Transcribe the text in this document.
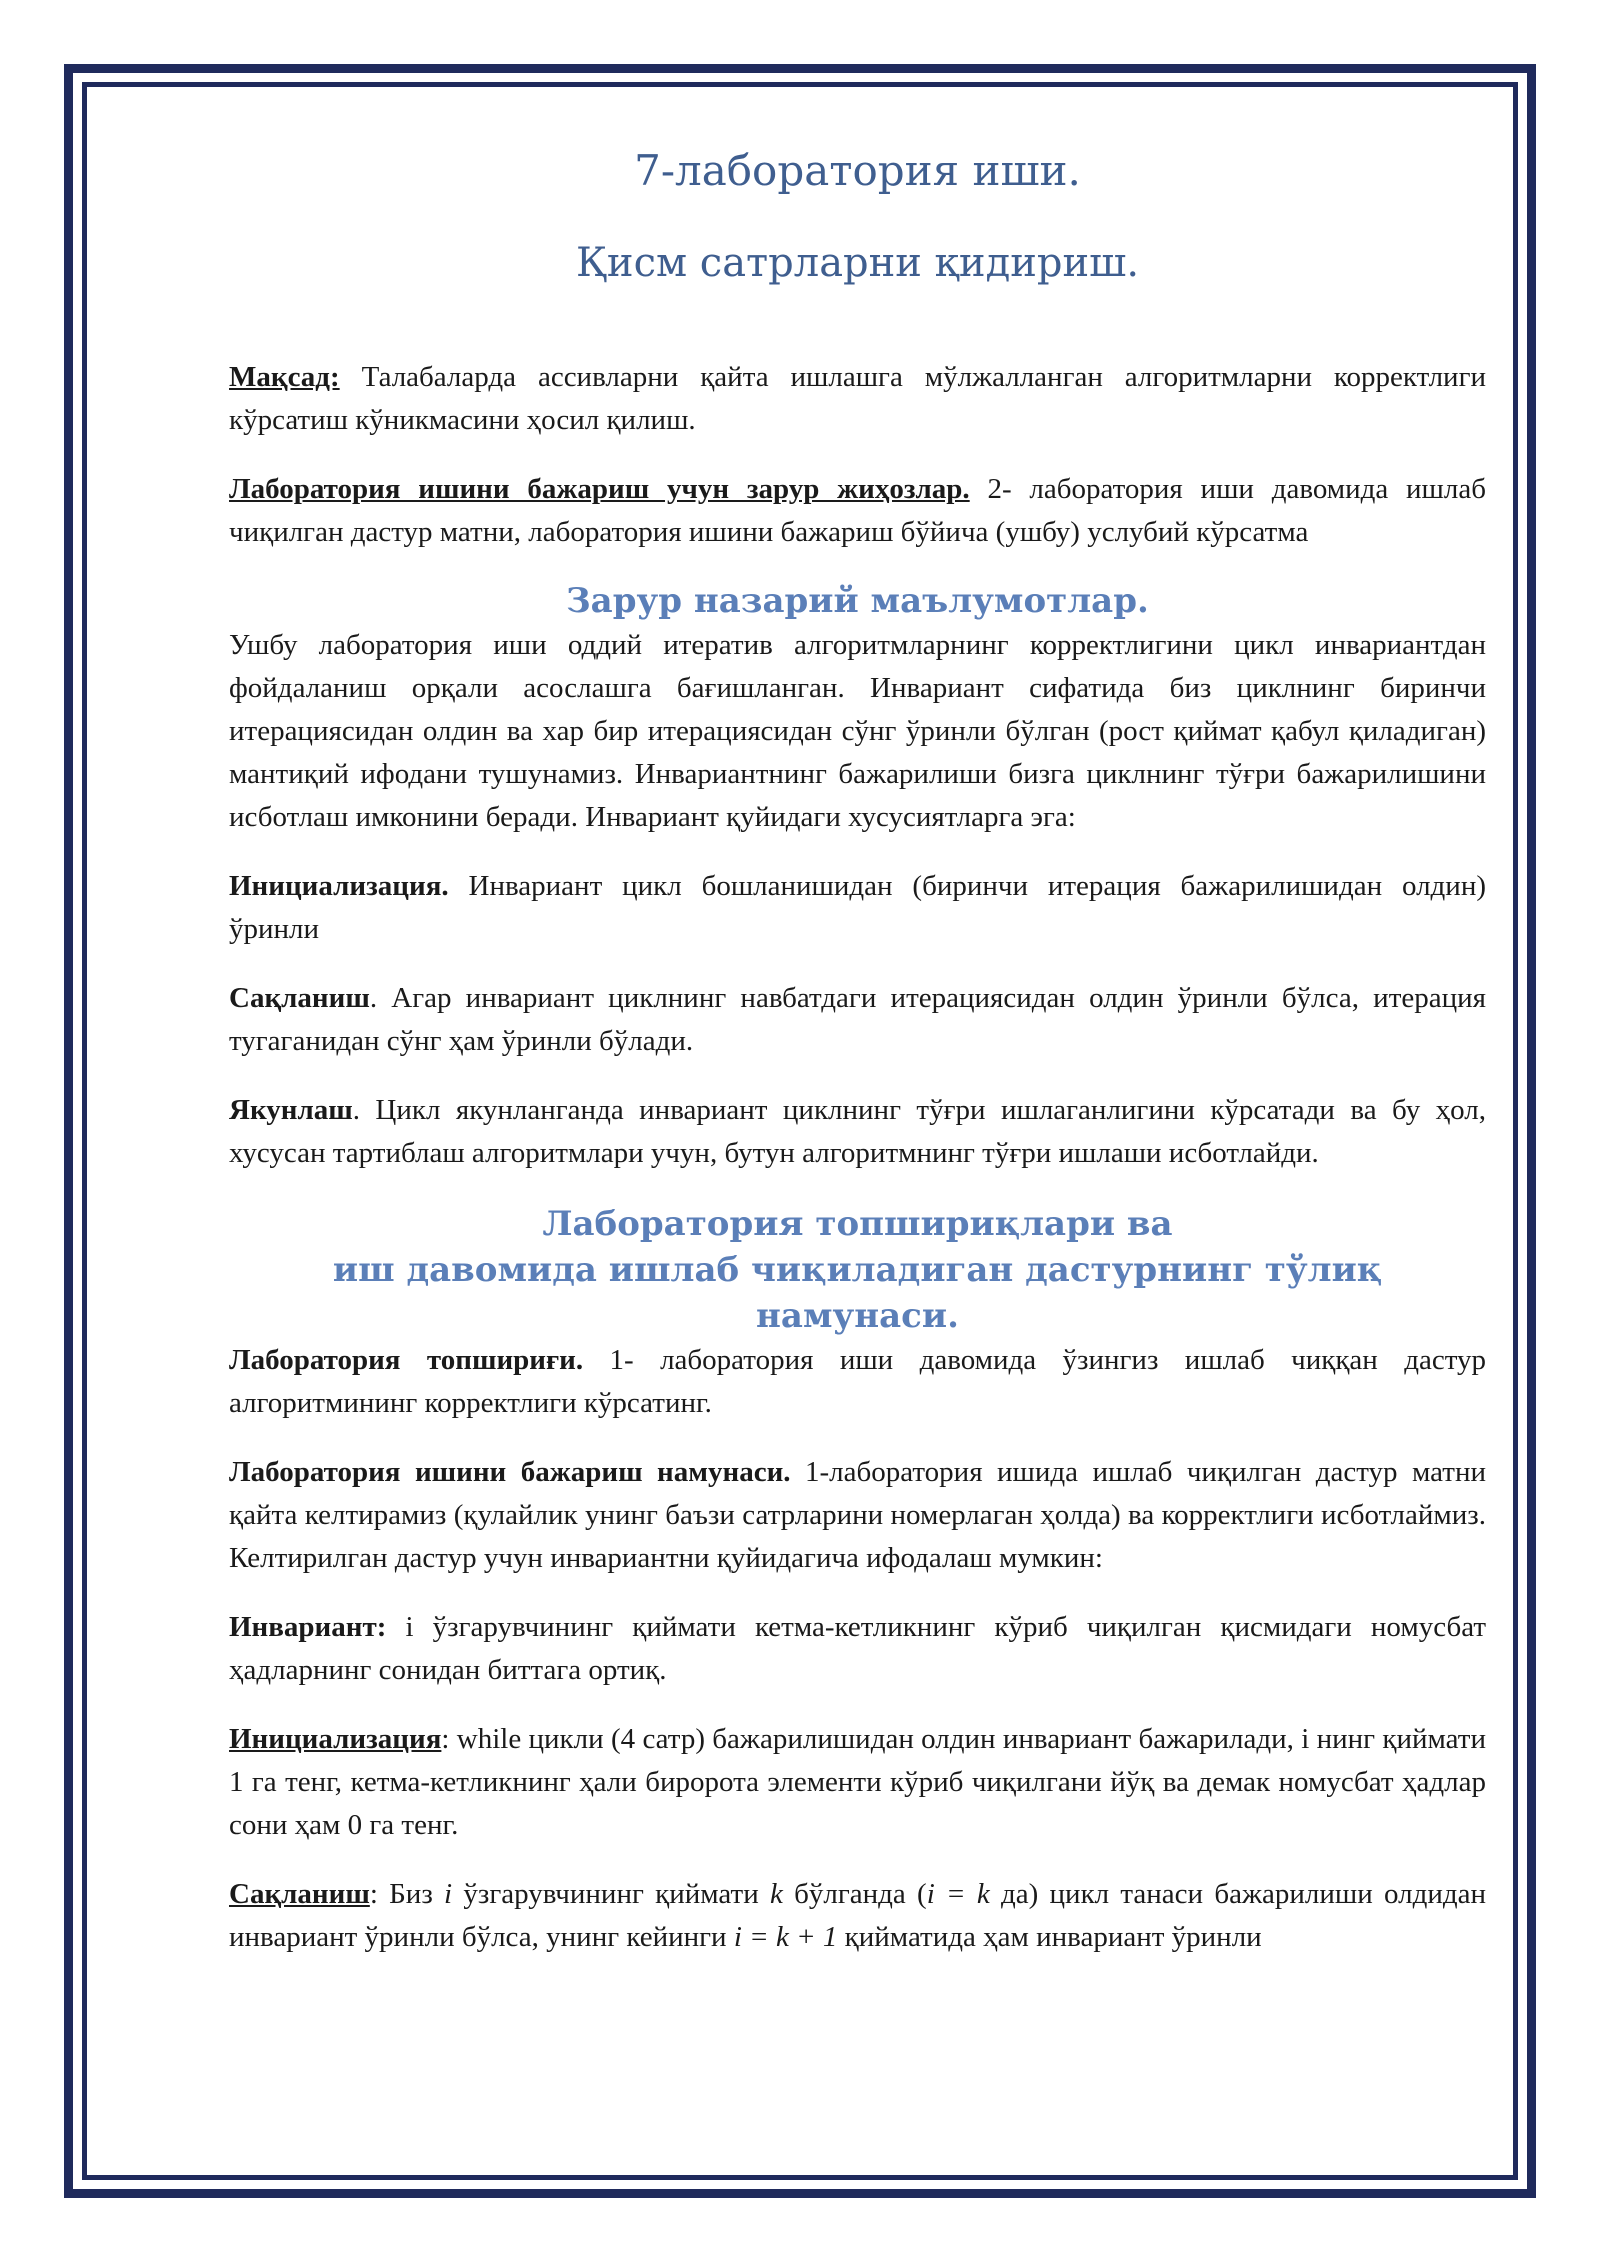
7-лаборатория иши.

Қисм сатрларни қидириш.

Мақсад: Талабаларда ассивларни қайта ишлашга мўлжалланган алгоритмларни корректлиги кўрсатиш кўникмасини ҳосил қилиш.

Лаборатория ишини бажариш учун зарур жиҳозлар. 2- лаборатория иши давомида ишлаб чиқилган дастур матни, лаборатория ишини бажариш бўйича (ушбу) услубий кўрсатма

Зарур назарий маълумотлар.

Ушбу лаборатория иши оддий итератив алгоритмларнинг корректлигини цикл инвариантдан фойдаланиш орқали асослашга бағишланган. Инвариант сифатида биз циклнинг биринчи итерациясидан олдин ва хар бир итерациясидан сўнг ўринли бўлган (рост қиймат қабул қиладиган) мантиқий ифодани тушунамиз. Инвариантнинг бажарилиши бизга циклнинг тўғри бажарилишини исботлаш имконини беради. Инвариант қуйидаги хусусиятларга эга:

Инициализация. Инвариант цикл бошланишидан (биринчи итерация бажарилишидан олдин) ўринли

Сақланиш. Агар инвариант циклнинг навбатдаги итерациясидан олдин ўринли бўлса, итерация тугаганидан сўнг ҳам ўринли бўлади.

Якунлаш. Цикл якунланганда инвариант циклнинг тўғри ишлаганлигини кўрсатади ва бу ҳол, хусусан тартиблаш алгоритмлари учун, бутун алгоритмнинг тўғри ишлаши исботлайди.

Лаборатория топшириқлари ва

иш давомида ишлаб чиқиладиган дастурнинг тўлиқ намунаси.

Лаборатория топшириғи. 1- лаборатория иши давомида ўзингиз ишлаб чиққан дастур алгоритмининг корректлиги кўрсатинг.

Лаборатория ишини бажариш намунаси. 1-лаборатория ишида ишлаб чиқилган дастур матни қайта келтирамиз (қулайлик унинг баъзи сатрларини номерлаган ҳолда) ва корректлиги исботлаймиз. Келтирилган дастур учун инвариантни қуйидагича ифодалаш мумкин:

Инвариант: i ўзгарувчининг қиймати кетма-кетликнинг кўриб чиқилган қисмидаги номусбат ҳадларнинг сонидан биттага ортиқ.

Инициализация: while цикли (4 сатр) бажарилишидан олдин инвариант бажарилади, i нинг қиймати 1 га тенг, кетма-кетликнинг ҳали биророта элементи кўриб чиқилгани йўқ ва демак номусбат ҳадлар сони ҳам 0 га тенг.

Сақланиш: Биз i ўзгарувчининг қиймати k бўлганда (i = k да) цикл танаси бажарилиши олдидан инвариант ўринли бўлса, унинг кейинги i = k + 1 қийматида ҳам инвариант ўринли
